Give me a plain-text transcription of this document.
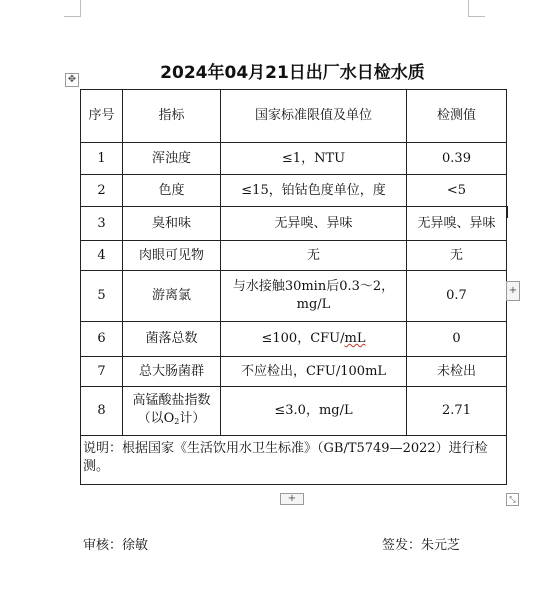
2024年04月21日出厂水日检水质
✥
序号	指标	国家标准限值及单位	检测值
1	浑浊度	≤1，NTU	0.39
2	色度	≤15，铂钴色度单位，度	<5
3	臭和味	无异嗅、异味	无异嗅、异味
4	肉眼可见物	无	无
5	游离氯	与水接触30min后0.3～2，
mg/L	0.7
6	菌落总数	≤100，CFU/mL	0
7	总大肠菌群	不应检出，CFU/100mL	未检出
8	高锰酸盐指数
（以$O_2$计）	≤3.0，mg/L	2.71
说明：根据国家《生活饮用水卫生标准》（GB/T5749—2022）进行检测。			
+
+	⤡
审核：徐敏	签发：朱元芝
